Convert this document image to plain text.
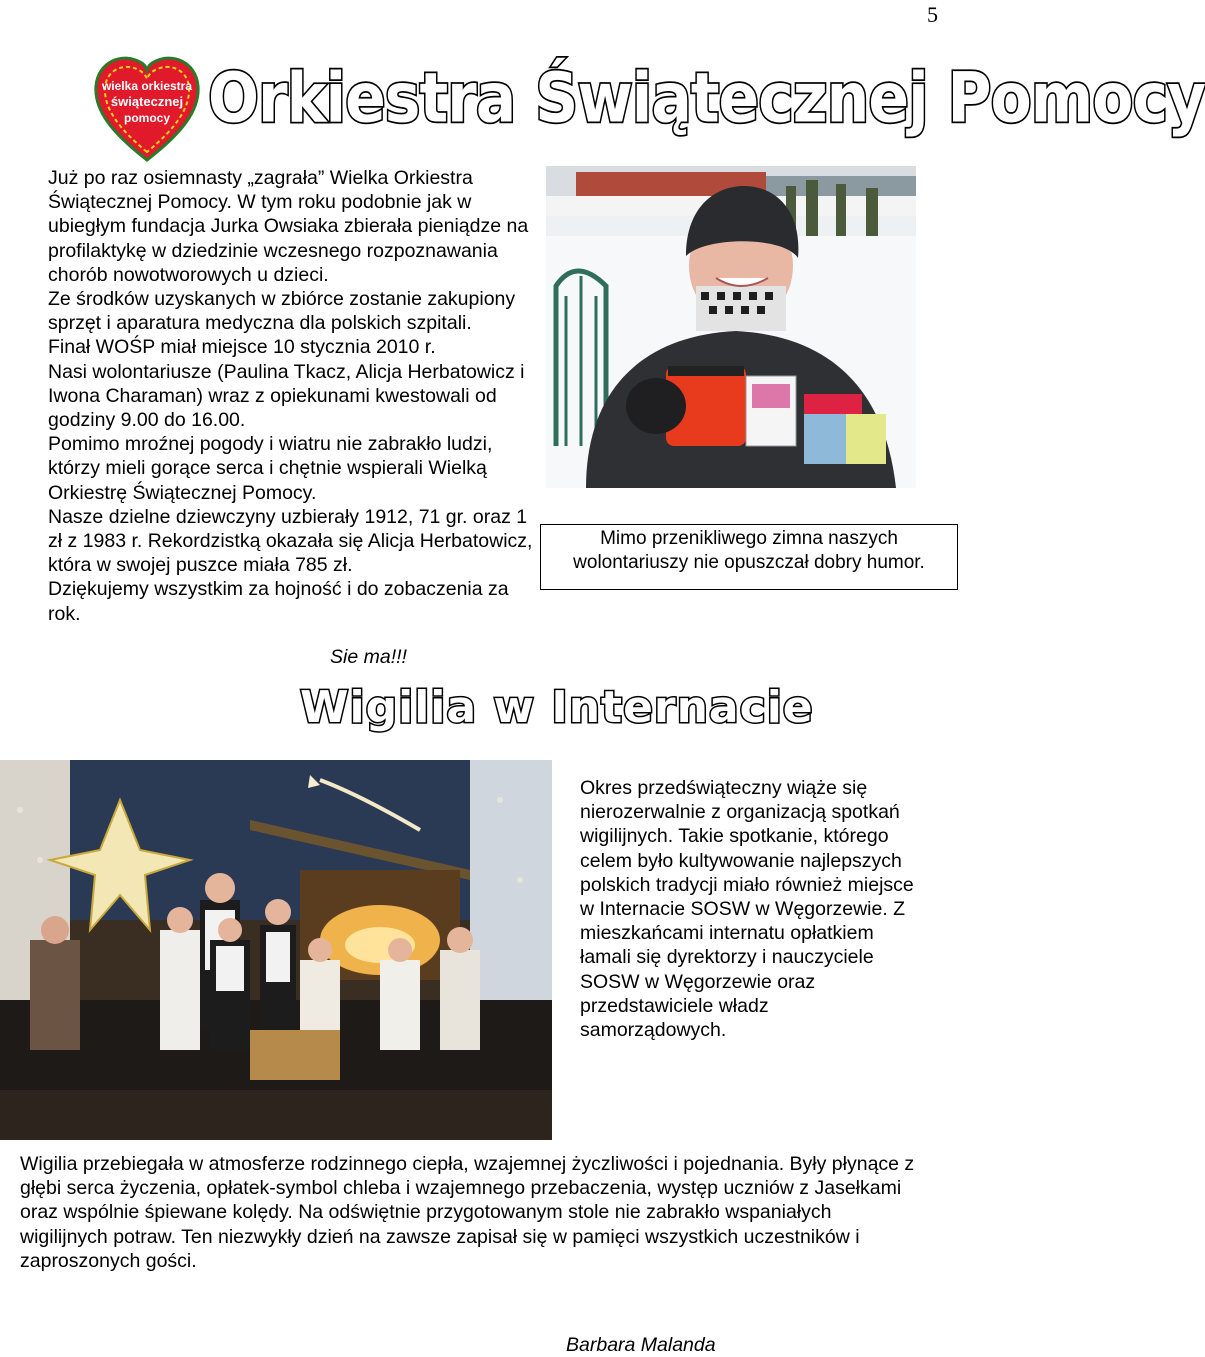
5
wielka orkiestra
świątecznej
pomocy Orkiestra Świątecznej Pomocy

Już po raz osiemnasty „zagrała” Wielka Orkiestra Świątecznej Pomocy. W tym roku podobnie jak w ubiegłym fundacja Jurka Owsiaka zbierała pieniądze na profilaktykę w dziedzinie wczesnego rozpoznawania chorób nowotworowych u dzieci.

Ze środków uzyskanych w zbiórce zostanie zakupiony sprzęt i aparatura medyczna dla polskich szpitali.

Finał WOŚP miał miejsce 10 stycznia 2010 r.

Nasi wolontariusze (Paulina Tkacz, Alicja Herbatowicz i Iwona Charaman) wraz z opiekunami kwestowali od godziny 9.00 do 16.00.

Pomimo mroźnej pogody i wiatru nie zabrakło ludzi, którzy mieli gorące serca i chętnie wspierali Wielką Orkiestrę Świątecznej Pomocy.

Nasze dzielne dziewczyny uzbierały 1912, 71 gr. oraz 1 zł z 1983 r. Rekordzistką okazała się Alicja Herbatowicz, która w swojej puszce miała 785 zł.

Dziękujemy wszystkim za hojność i do zobaczenia za rok.

Sie ma!!!
Mimo przenikliwego zimna naszych wolontariuszy nie opuszczał dobry humor.
Wigilia w Internacie
Okres przedświąteczny wiąże się nierozerwalnie z organizacją spotkań wigilijnych. Takie spotkanie, którego celem było kultywowanie najlepszych polskich tradycji miało również miejsce w Internacie SOSW w Węgorzewie. Z mieszkańcami internatu opłatkiem łamali się dyrektorzy i nauczyciele SOSW w Węgorzewie oraz przedstawiciele władz samorządowych.
Wigilia przebiegała w atmosferze rodzinnego ciepła, wzajemnej życzliwości i pojednania. Były płynące z głębi serca życzenia, opłatek-symbol chleba i wzajemnego przebaczenia, występ uczniów z Jasełkami oraz wspólnie śpiewane kolędy. Na odświętnie przygotowanym stole nie zabrakło wspaniałych wigilijnych potraw. Ten niezwykły dzień na zawsze zapisał się w pamięci wszystkich uczestników i zaproszonych gości.
Barbara Malanda
